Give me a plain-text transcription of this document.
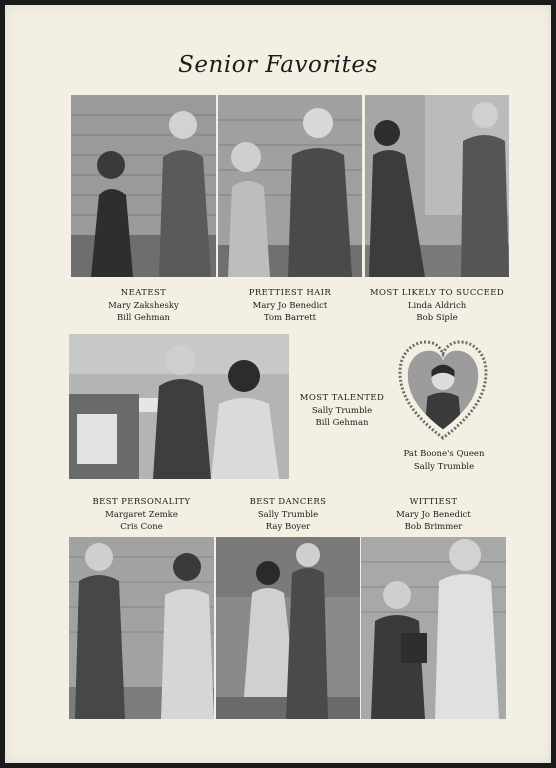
Senior Favorites
NEATEST
Mary Zakshesky
Bill Gehman
PRETTIEST HAIR
Mary Jo Benedict
Tom Barrett
MOST LIKELY TO SUCCEED
Linda Aldrich
Bob Siple
MOST TALENTED
Sally Trumble
Bill Gehman
Pat Boone's Queen
Sally Trumble
BEST PERSONALITY
Margaret Zemke
Cris Cone
BEST DANCERS
Sally Trumble
Ray Boyer
WITTIEST
Mary Jo Benedict
Bob Brimmer
